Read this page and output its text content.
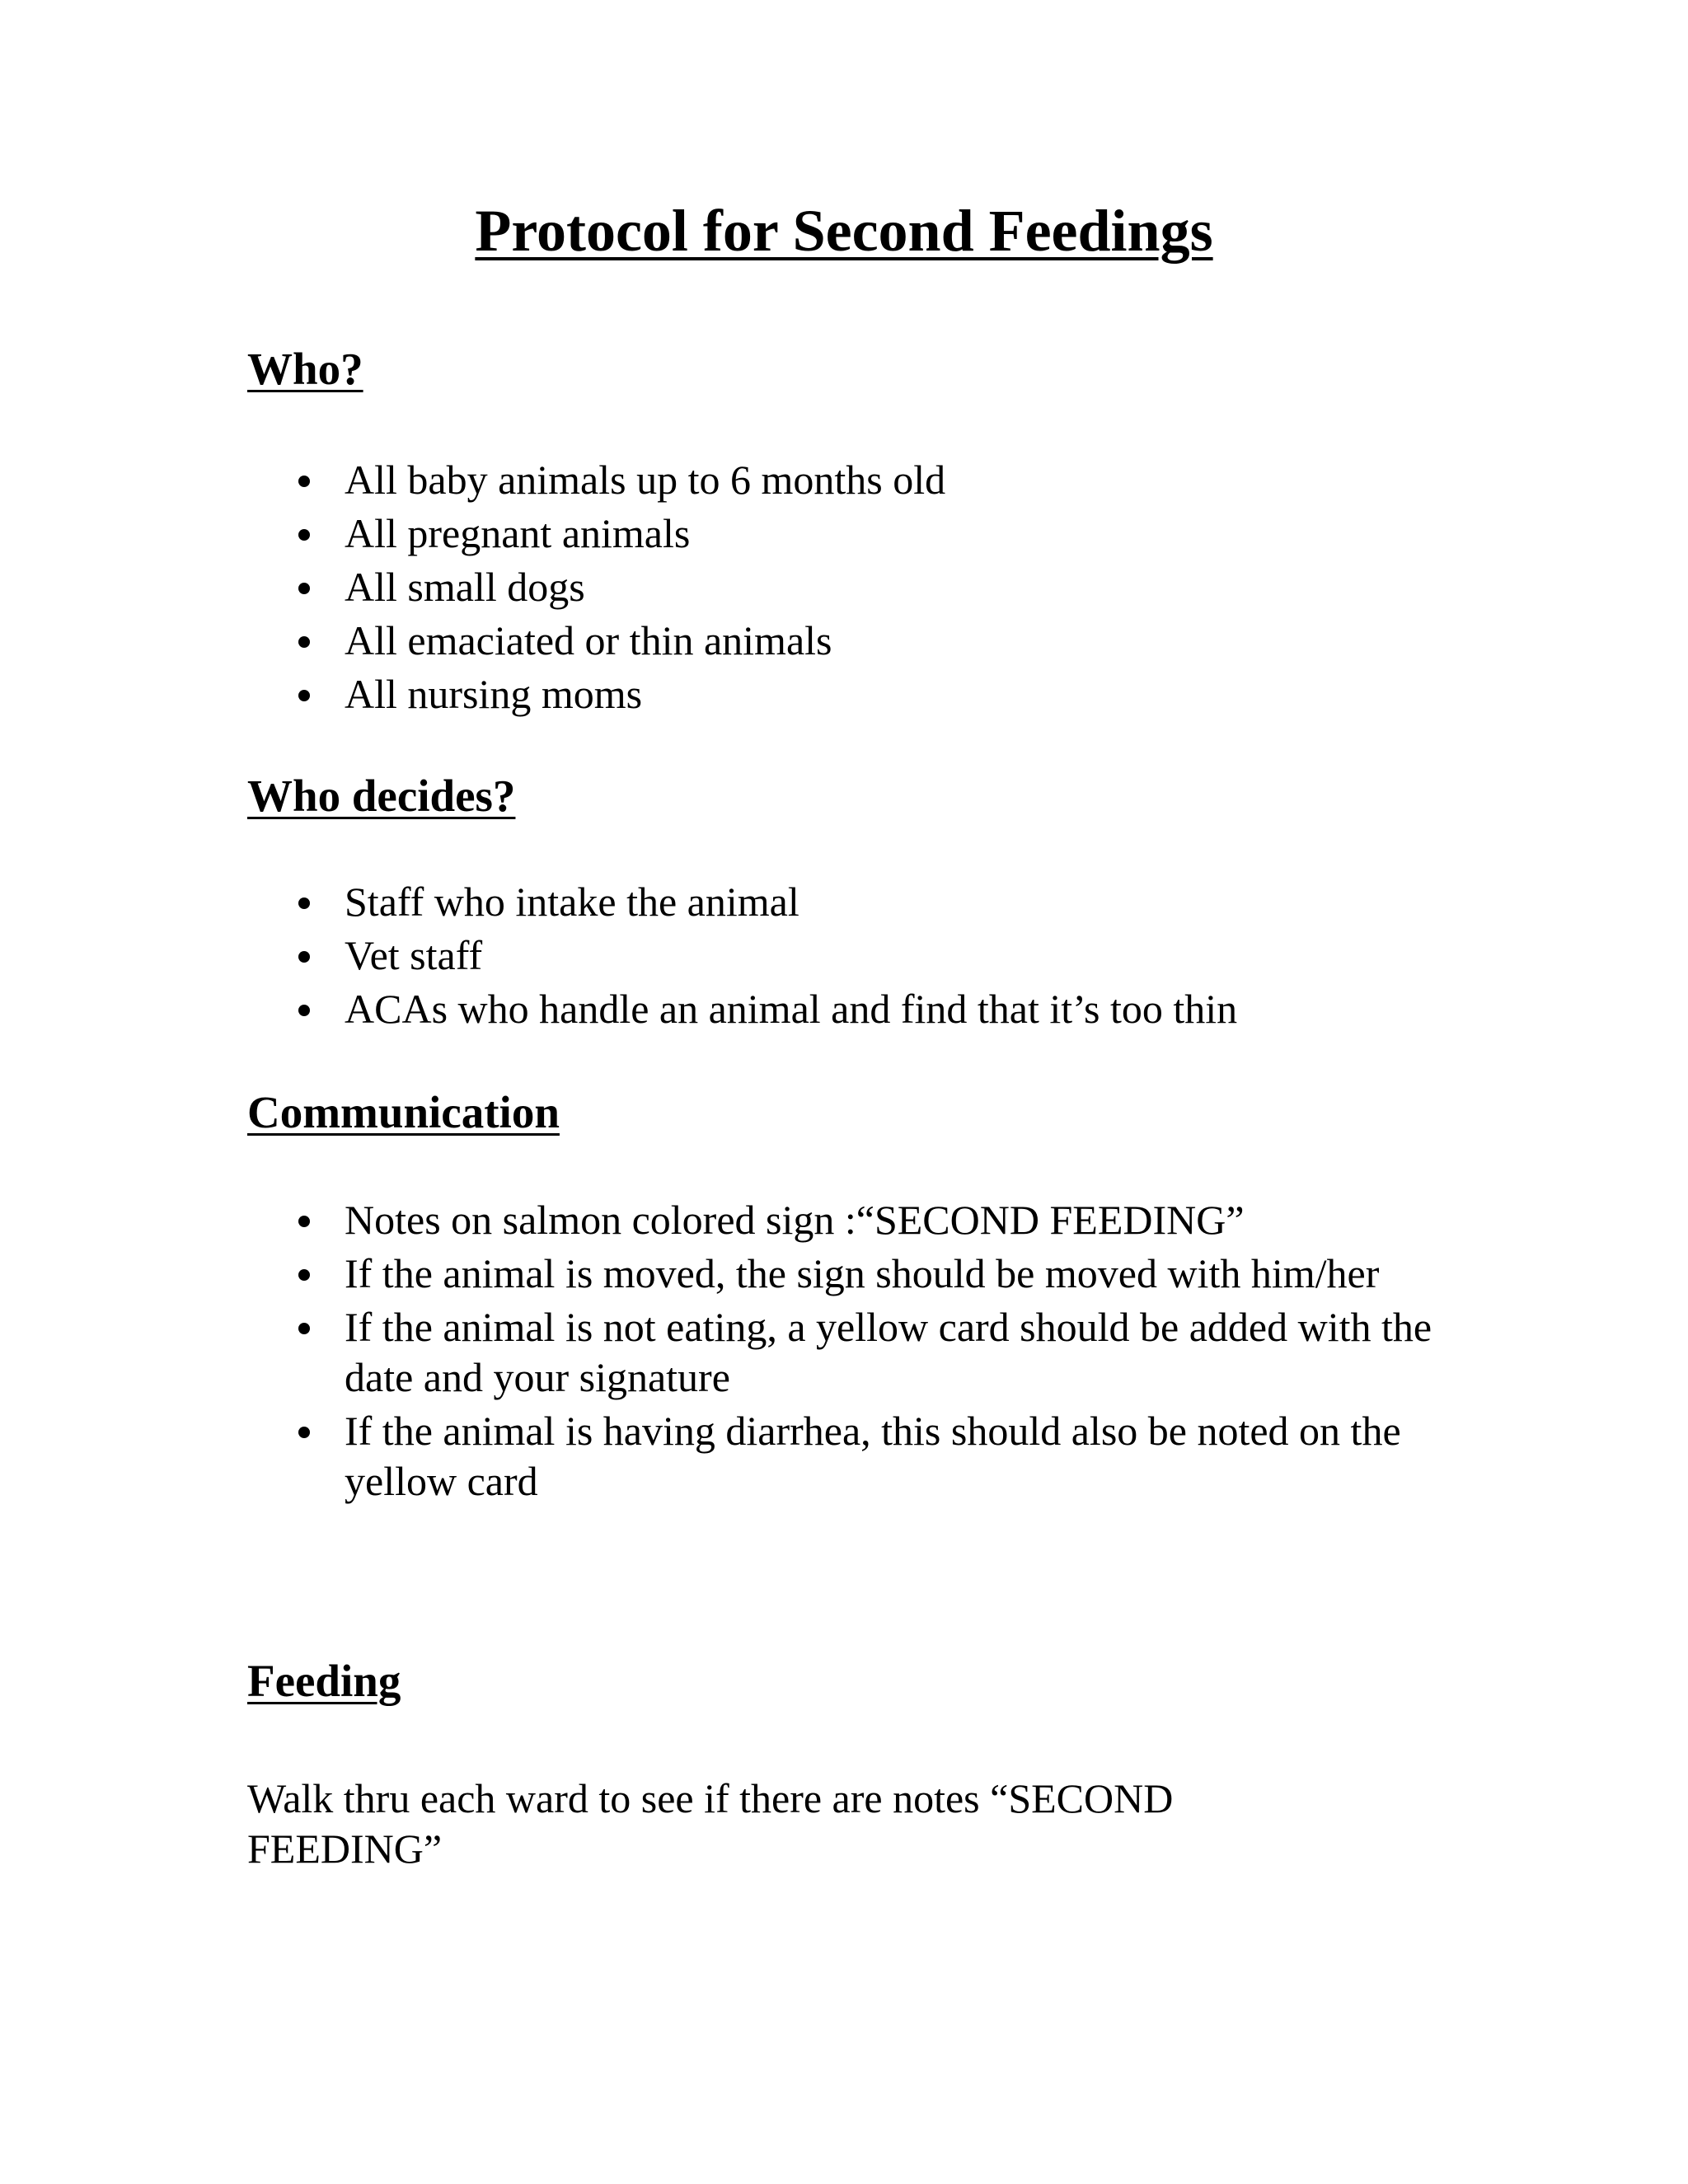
Protocol for Second Feedings
Who?
All baby animals up to 6 months old
All pregnant animals
All small dogs
All emaciated or thin animals
All nursing moms
Who decides?
Staff who intake the animal
Vet staff
ACAs who handle an animal and find that it’s too thin
Communication
Notes on salmon colored sign :“SECOND FEEDING”
If the animal is moved, the sign should be moved with him/her
If the animal is not eating, a yellow card should be added with the date and your signature
If the animal is having diarrhea, this should also be noted on the yellow card
Feeding

Walk thru each ward to see if there are notes “SECOND FEEDING”
